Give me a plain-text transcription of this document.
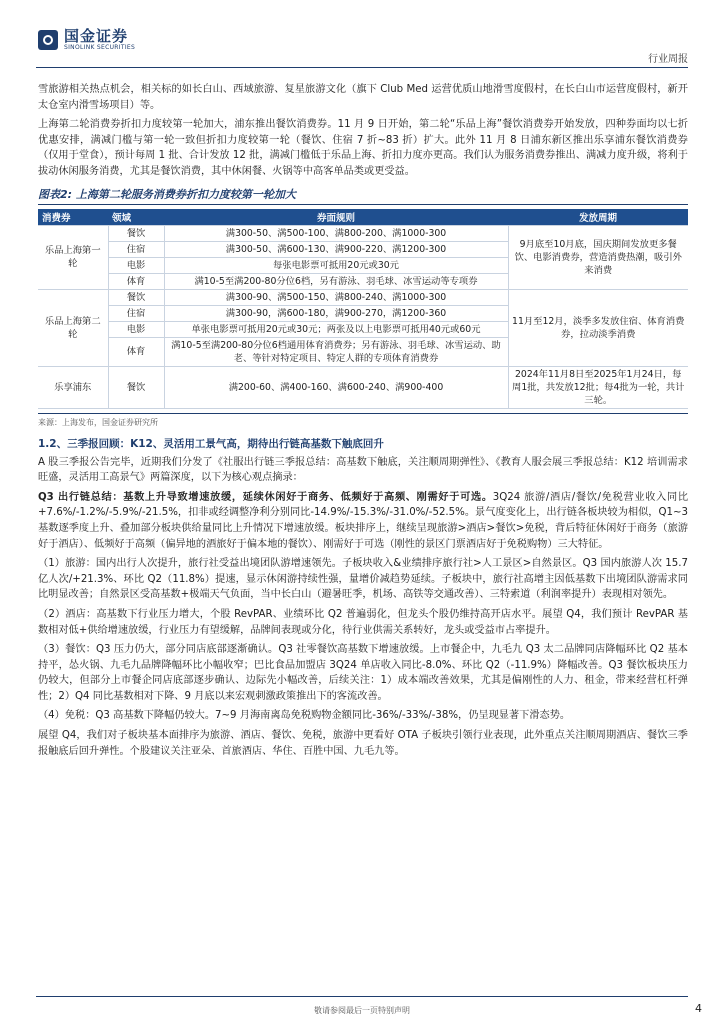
国金证券
SINOLINK SECURITIES
行业周报

雪旅游相关热点机会，相关标的如长白山、西域旅游、复星旅游文化（旗下 Club Med 运营优质山地滑雪度假村，在长白山市运营度假村，新开太仓室内滑雪场项目）等。

上海第二轮消费券折扣力度较第一轮加大，浦东推出餐饮消费券。11 月 9 日开始，第二轮“乐品上海”餐饮消费券开始发放，四种券面均以七折优惠安排，满减门槛与第一轮一致但折扣力度较第一轮（餐饮、住宿 7 折~83 折）扩大。此外 11 月 8 日浦东新区推出乐享浦东餐饮消费券（仅用于堂食），预计每周 1 批、合计发放 12 批，满减门槛低于乐品上海、折扣力度亦更高。我们认为服务消费券推出、满减力度升级，将利于拔动休闲服务消费，尤其是餐饮消费，其中休闲餐、火锅等中高客单品类或更受益。

图表2: 上海第二轮服务消费券折扣力度较第一轮加大
消费券	领域	券面规则	发放周期
乐品上海第一轮	餐饮	满300-50、满500-100、满800-200、满1000-300	9月底至10月底，国庆期间发放更多餐饮、电影消费券，营造消费热潮，吸引外来消费
	住宿	满300-50、满600-130、满900-220、满1200-300	
	电影	每张电影票可抵用20元或30元	
	体育	满10-5至满200-80分位6档，另有游泳、羽毛球、冰雪运动等专项券	
乐品上海第二轮	餐饮	满300-90、满500-150、满800-240、满1000-300	11月至12月，淡季多发放住宿、体育消费券，拉动淡季消费
	住宿	满300-90，满600-180，满900-270，满1200-360	
	电影	单张电影票可抵用20元或30元；两张及以上电影票可抵用40元或60元	
	体育	满10-5至满200-80分位6档通用体育消费券；另有游泳、羽毛球、冰雪运动、助老、等针对特定项目、特定人群的专项体育消费券	
乐享浦东	餐饮	满200-60、满400-160、满600-240、满900-400	2024年11月8日至2025年1月24日，每周1批，共发放12批；每4批为一轮，共计三轮。
来源：上海发布，国金证券研究所
1.2、三季报回顾：K12、灵活用工景气高，期待出行链高基数下触底回升

A 股三季报公告完毕，近期我们分发了《社服出行链三季报总结：高基数下触底，关注顺周期弹性》、《教育人服会展三季报总结：K12 培训需求旺盛，灵活用工高景气》两篇深度，以下为核心观点摘录：

Q3 出行链总结：基数上升导致增速放缓，延续休闲好于商务、低频好于高频、刚需好于可选。3Q24 旅游/酒店/餐饮/免税营业收入同比+7.6%/-1.2%/-5.9%/-21.5%，扣非或经调整净利分别同比-14.9%/-15.3%/-31.0%/-52.5%。景气度变化上，出行链各板块较为相似，Q1~3 基数逐季度上升、叠加部分板块供给量同比上升情况下增速放缓。板块排序上，继续呈现旅游>酒店>餐饮>免税，背后特征休闲好于商务（旅游好于酒店）、低频好于高频（偏异地的酒旅好于偏本地的餐饮）、刚需好于可选（刚性的景区门票酒店好于免税购物）三大特征。

（1）旅游：国内出行人次提升，旅行社受益出境团队游增速领先。子板块收入&业绩排序旅行社>人工景区>自然景区。Q3 国内旅游人次 15.7 亿人次/+21.3%、环比 Q2（11.8%）提速，显示休闲游持续性强，量增价减趋势延续。子板块中，旅行社高增主因低基数下出境团队游需求同比明显改善；自然景区受高基数+极端天气负面，当中长白山（避暑旺季，机场、高铁等交通改善）、三特索道（利润率提升）表现相对领先。

（2）酒店：高基数下行业压力增大，个股 RevPAR、业绩环比 Q2 普遍弱化，但龙头个股仍维持高开店水平。展望 Q4，我们预计 RevPAR 基数相对低+供给增速放缓，行业压力有望缓解，品牌间表现或分化，待行业供需关系转好，龙头或受益市占率提升。

（3）餐饮：Q3 压力仍大，部分同店底部逐渐确认。Q3 社零餐饮高基数下增速放缓。上市餐企中，九毛九 Q3 太二品牌同店降幅环比 Q2 基本持平，怂火锅、九毛九品牌降幅环比小幅收窄；巴比食品加盟店 3Q24 单店收入同比-8.0%、环比 Q2（-11.9%）降幅改善。Q3 餐饮板块压力仍较大，但部分上市餐企同店底部逐步确认、边际先小幅改善，后续关注：1）成本端改善效果，尤其是偏刚性的人力、租金，带来经营杠杆弹性；2）Q4 同比基数相对下降、9 月底以来宏观刺激政策推出下的客流改善。

（4）免税：Q3 高基数下降幅仍较大。7~9 月海南离岛免税购物金额同比-36%/-33%/-38%，仍呈现显著下滑态势。

展望 Q4，我们对子板块基本面排序为旅游、酒店、餐饮、免税，旅游中更看好 OTA 子板块引领行业表现，此外重点关注顺周期酒店、餐饮三季报触底后回升弹性。个股建议关注亚朵、首旅酒店、华住、百胜中国、九毛九等。

敬请参阅最后一页特别声明	4
